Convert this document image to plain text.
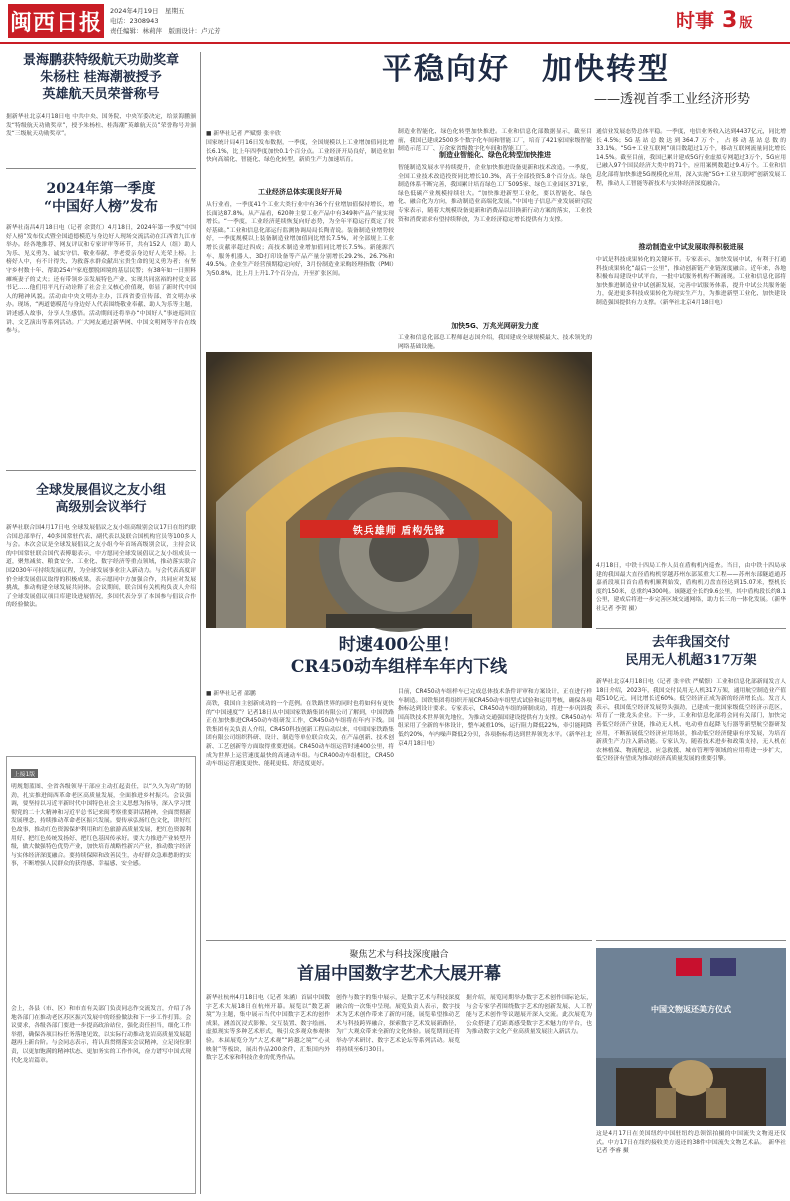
闽西日报 2024年4月19日　星期五
电话：2308943
责任编辑：林莉萍　版面设计：卢元芳	时事 3 版
景海鹏获特级航天功勋奖章
朱杨柱 桂海潮被授予
英雄航天员荣誉称号
据新华社北京4月18日电 中共中央、国务院、中央军委决定，给景海鹏颁发“特级航天功勋奖章”，授予朱杨柱、桂海潮“英雄航天员”荣誉称号并颁发“三级航天功勋奖章”。
2024年第一季度
“中国好人榜”发布
新华社南昌4月18日电（记者 余贤红）4月18日，2024年第一季度“中国好人榜”发布仪式暨全国道德模范与身边好人现场交流活动在江西省九江市举办。经各地推荐、网友评议和专家评审等环节，共有152人（组）助人为乐、见义勇为、诚实守信、敬业奉献、孝老爱亲身边好人光荣上榜。上榜好人中，有不计得失、为救落水群众献出宝贵生命的见义勇为者；有坚守乡村数十年、帮助254户家庭摆脱困境的基层民警；有38年如一日照料瘫痪妻子的丈夫；还有带领乡亲发展特色产业、实现共同富裕的村党支部书记……他们用平凡行动诠释了社会主义核心价值观，彰显了新时代中国人的精神风貌。活动由中央文明办主办，江西省委宣传部、省文明办承办。现场，“两道德模范与身边好人代表围绕敬业奉献、助人为乐等主题，讲述感人故事，分享人生感悟。活动期间还将举办“中国好人”事迹巡回宣讲、文艺演出等系列活动。广大网友通过新华网、中国文明网等平台在线参与。
全球发展倡议之友小组
高级别会议举行
新华社联合国4月17日电 全球发展倡议之友小组高级别会议17日在纽约联合国总部举行，40多国常驻代表、副代表以及联合国机构官员等100多人与会。本次会议是全球发展倡议之友小组今年首场高级别会议，主持会议的中国常驻联合国代表傅聪表示，中方愿同全球发展倡议之友小组成员一道，聚焦减贫、粮食安全、工业化、数字经济等重点领域，推动落实联合国2030年可持续发展议程，为全球发展事业注入新动力。与会代表高度评价全球发展倡议取得的积极成果，表示愿同中方加强合作，共同应对发展挑战，推动构建全球发展共同体。会议期间，联合国有关机构负责人介绍了全球发展倡议项目库建设进展情况，多国代表分享了本国参与倡议合作的经验做法。
上接1版
明规划蓝图、全省各级领导干部应主动扛起责任，以“久久为功”的韧劲，扎实推进闽西革命老区高质量发展，全面推进乡村振兴。会议强调，要坚持以习近平新时代中国特色社会主义思想为指导，深入学习贯彻党的二十大精神和习近平总书记来闽考察重要讲话精神，全面贯彻新发展理念，持续推动革命老区振兴发展。要传承弘扬红色文化，讲好红色故事，推动红色资源保护利用和红色旅游高质量发展，把红色资源利用好、把红色传统发扬好、把红色基因传承好。要大力推进产业转型升级，做大做强特色优势产业，加快培育战略性新兴产业，推动数字经济与实体经济深度融合。要持续保障和改善民生，办好群众急难愁盼的实事，不断增强人民群众的获得感、幸福感、安全感。
会上，各县（市、区）和市直有关部门负责同志作交流发言，介绍了各地各部门在推动老区苏区振兴发展中的经验做法和下一步工作打算。会议要求，各级各部门要进一步提高政治站位，强化责任担当，细化工作举措，确保各项目标任务落地见效，以实际行动推动龙岩高质量发展超越再上新台阶。与会同志表示，将认真贯彻落实会议精神，立足岗位职责，以更加饱满的精神状态、更加务实的工作作风，奋力谱写中国式现代化龙岩篇章。
平稳向好　加快转型
——透视首季工业经济形势
■ 新华社记者 严赋憬 张辛欣
国家统计局4月16日发布数据，一季度，全国规模以上工业增加值同比增长6.1%，比上年四季度加快0.1个百分点。工业经济开局良好，制造业加快向高端化、智能化、绿色化转型，新质生产力加速培育。
工业经济总体实现良好开局
从行业看，一季度41个工业大类行业中有36个行业增加值保持增长，增长面达87.8%。从产品看，620种主要工业产品中有349种产品产量实现增长。“一季度，工业经济延续恢复向好态势，为全年平稳运行奠定了较好基础。”工业和信息化部运行监测协调局局长陶青说。装备制造业增势较好，一季度规模以上装备制造业增加值同比增长7.5%，对全部规上工业增长贡献率超过四成；高技术制造业增加值同比增长7.5%。新能源汽车、服务机器人、3D打印设备等产品产量分别增长29.2%、26.7%和49.5%。企业生产经营预期稳定向好，3月份制造业采购经理指数（PMI）为50.8%，比上月上升1.7个百分点，升至扩张区间。
制造业智能化、绿色化转型加快推进。工业和信息化部数据显示，截至目前，我国已建成2500多个数字化车间和智能工厂，培育了421家国家级智能制造示范工厂、万余家省级数字化车间和智能工厂。
制造业智能化、绿色化转型加快推进
智能制造发展水平持续提升，企业加快推进设备更新和技术改造。一季度，全国工业技术改造投资同比增长10.3%，高于全部投资5.8个百分点。绿色制造体系不断完善，我国累计培育绿色工厂5095家、绿色工业园区371家，绿色低碳产业规模持续壮大。“加快推进新型工业化，要以智能化、绿色化、融合化为方向，推动制造业高端化发展。”中国电子信息产业发展研究院专家表示，随着大规模设备更新和消费品以旧换新行动方案的落实，工业投资和消费需求有望持续释放，为工业经济稳定增长提供有力支撑。
加快5G、万兆光网研发力度
工业和信息化部总工程师赵志国介绍，我国建成全球规模最大、技术领先的网络基础设施。
通信业发展态势总体平稳。一季度，电信业务收入达到4437亿元，同比增长4.5%；5G基站总数达到364.7万个，占移动基站总数的33.1%。“5G+工业互联网”项目数超过1万个，移动互联网流量同比增长14.5%。截至目前，我国已累计建成5G行业虚拟专网超过3万个，5G应用已融入97个国民经济大类中的71个，应用案例数超过9.4万个。工业和信息化部将加快推进5G规模化应用，深入实施“5G+工业互联网”创新发展工程，推动人工智能等新技术与实体经济深度融合。
推动制造业中试发展取得积极进展
中试是科技成果转化的关键环节。专家表示，加快发展中试，有利于打通科技成果转化“最后一公里”，推动创新链产业链深度融合。近年来，各地积极布局建设中试平台，一批中试服务机构不断涌现。工业和信息化部将加快推进制造业中试创新发展，完善中试服务体系，提升中试公共服务能力，促进更多科技成果转化为现实生产力，为推进新型工业化、加快建设制造强国提供有力支撑。（新华社北京4月18日电）
铁兵雄师 盾构先锋
4月18日，中铁十四局工作人员在盾构机内巡查。当日，由中铁十四局承建的我国最大直径盾构机穿越苏州东部某重大工程——苏州东部隧道通苏嘉甬段项目首台盾构机顺利始发，盾构机刀盘直径达到15.07米，整机长度约150米，总重约4300吨。该隧道全长约9.6公里，其中盾构段长约8.1公里，建成后将进一步完善区域交通网络，助力长三角一体化发展。（新华社记者 李贺 摄）
时速400公里！
CR450动车组样车年内下线
■ 新华社记者 邵鹏
高铁，我国自主创新成功的一个范例。在铁路世界的同时也将如何有更快的“中国速度”？记者18日从中国国家铁路集团有限公司了解到，中国铁路正在加快推进CR450动车组研发工作，CR450动车组将在年内下线。国铁集团有关负责人介绍，CR450科技创新工程启动以来，中国国家铁路集团有限公司组织科研、设计、制造等单位联合攻关，在产品创新、技术创新、工艺创新等方面取得重要进展。CR450动车组运营时速400公里，将成为世界上运营速度最快的高速动车组。与CR400动车组相比，CR450动车组运营速度更快、能耗更低、舒适度更好。
目前，CR450动车组样车已完成总体技术条件评审和方案设计，正在进行样车制造。国铁集团将组织开展CR450动车组型式试验和运用考核，确保各项指标达到设计要求。专家表示，CR450动车组的研制成功，将进一步巩固我国高铁技术世界领先地位，为推动交通强国建设提供有力支撑。CR450动车组采用了全新的车体设计，整车减重10%，运行阻力降低22%，牵引能耗降低约20%，车内噪声降低2分贝，各项指标将达到世界领先水平。（新华社北京4月18日电）
去年我国交付
民用无人机超317万架
新华社北京4月18日电（记者 张辛欣 严赋憬）工业和信息化部新闻发言人18日介绍，2023年，我国交付民用无人机317万架，通用航空制造业产值超510亿元，同比增长近60%。低空经济正成为新的经济增长点。发言人表示，我国低空经济发展势头强劲，已建成一批国家级低空经济示范区，培育了一批龙头企业。下一步，工业和信息化部将会同有关部门，加快完善低空经济产业链，推动无人机、电动垂直起降飞行器等新型航空器研发应用，不断拓展低空经济应用场景，推动低空经济健康有序发展，为培育新质生产力注入新动能。专家认为，随着技术进步和政策支持，无人机在农林植保、物流配送、应急救援、城市管理等领域的应用将进一步扩大，低空经济有望成为推动经济高质量发展的重要引擎。
聚焦艺术与科技深度融合
首届中国数字艺术大展开幕
新华社杭州4月18日电（记者 朱涵）首届中国数字艺术大展18日在杭州开幕。展览以“数艺新境”为主题，集中展示当代中国数字艺术的创作成果，涵盖沉浸式影像、交互装置、数字绘画、虚拟现实等多种艺术形式，吸引众多观众参观体验。本届展览分为“大艺术观”“跨越之境”“心灵映射”等板块，展出作品200余件，汇集国内外数字艺术家和科技企业的优秀作品。
创作与数字的集中展示，是数字艺术与科技深度融合的一次集中呈现。展览负责人表示，数字技术为艺术创作带来了新的可能，展览希望推动艺术与科技跨界融合，探索数字艺术发展新路径，为广大观众带来全新的文化体验。展览期间还将举办学术研讨、数字艺术论坛等系列活动。展览将持续至6月30日。
据介绍，展览同期举办数字艺术创作国际论坛，与会专家学者围绕数字艺术的创新发展、人工智能与艺术创作等议题展开深入交流。此次展览为公众搭建了近距离感受数字艺术魅力的平台，也为推动数字文化产业高质量发展注入新活力。
中国文物返还美方仪式
这是4月17日在美国纽约中国驻纽约总领馆拍摄的中国流失文物返还仪式。中方17日在纽约接收美方返还的38件中国流失文物艺术品。　新华社记者 李睿 摄
